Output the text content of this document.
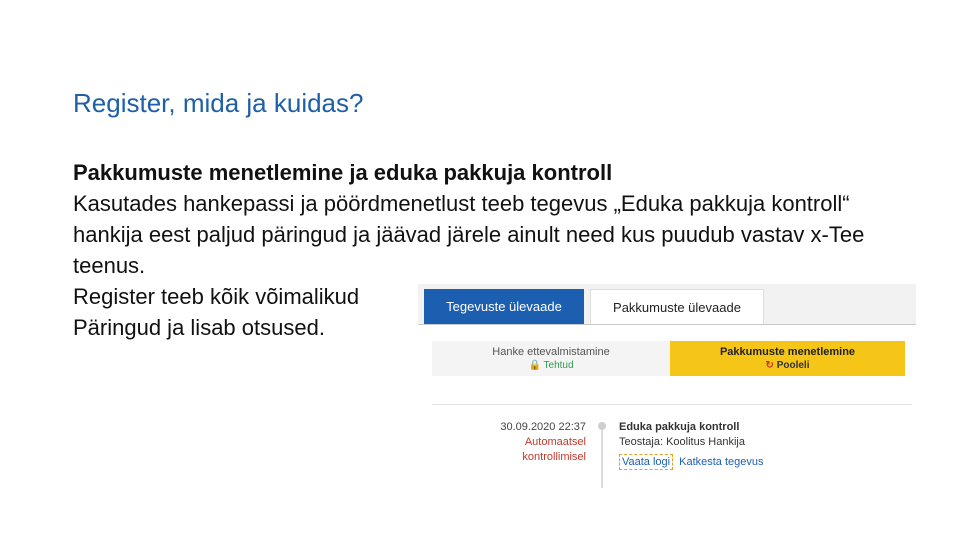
Register, mida ja kuidas?

Pakkumuste menetlemine ja eduka pakkuja kontroll

Kasutades hankepassi ja pöördmenetlust teeb tegevus „Eduka pakkuja kontroll“ hankija eest paljud päringud ja jäävad järele ainult need kus puudub vastav x-Tee teenus.

Register teeb kõik võimalikud

Päringud ja lisab otsused.

Tegevuste ülevaade	Pakkumuste ülevaade
Hanke ettevalmistamine
🔒 Tehtud
Pakkumuste menetlemine
↻ Pooleli
30.09.2020 22:37
Automaatsel
kontrollimisel
Eduka pakkuja kontroll
Teostaja: Koolitus Hankija
Vaata logi Katkesta tegevus
